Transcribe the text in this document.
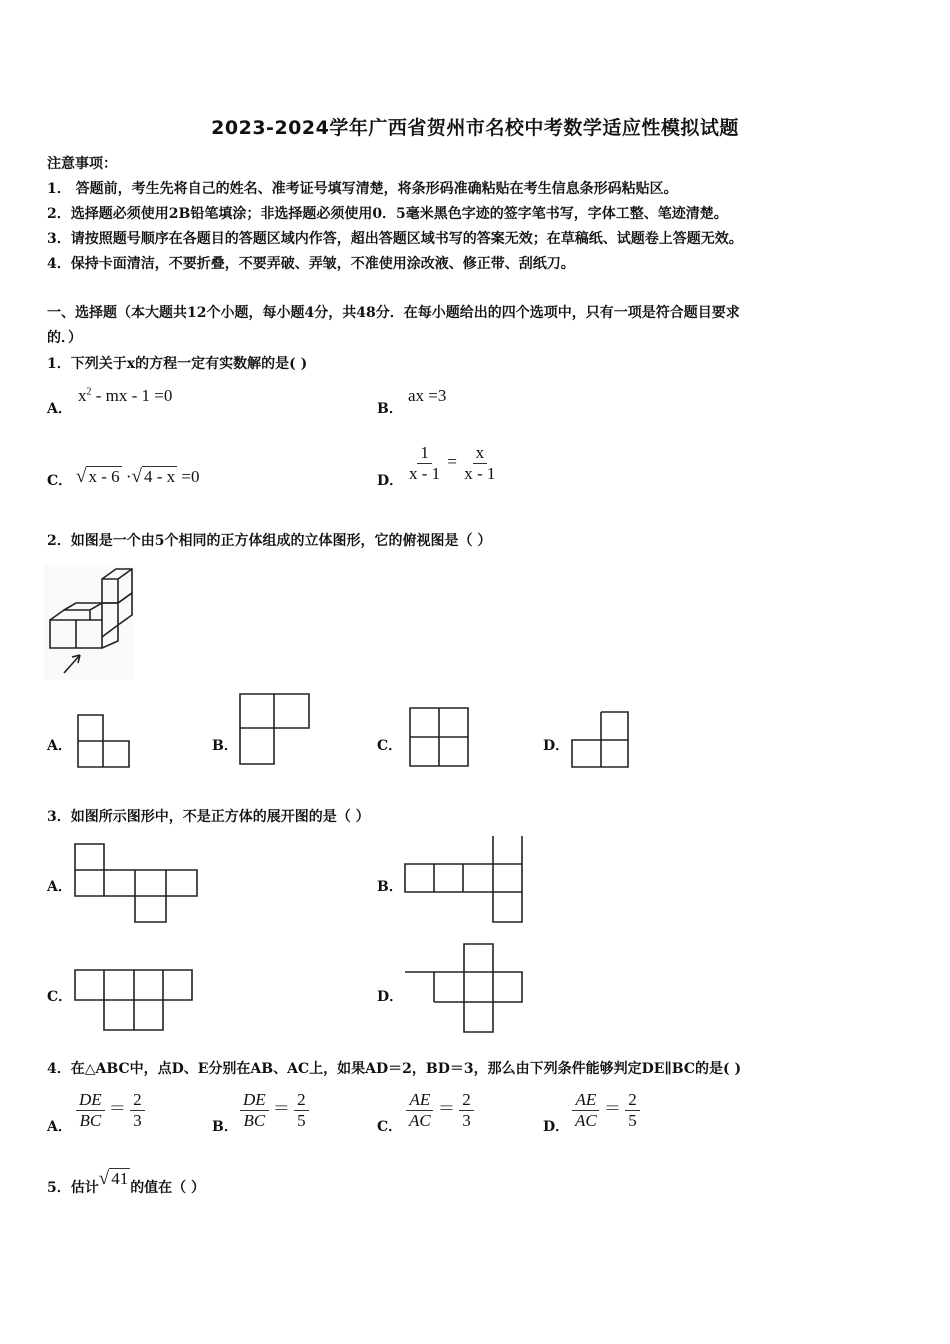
2023-2024学年广西省贺州市名校中考数学适应性模拟试题
注意事项：
1． 答题前，考生先将自己的姓名、准考证号填写清楚，将条形码准确粘贴在考生信息条形码粘贴区。
2．选择题必须使用2B铅笔填涂；非选择题必须使用0．5毫米黑色字迹的签字笔书写，字体工整、笔迹清楚。
3．请按照题号顺序在各题目的答题区域内作答，超出答题区域书写的答案无效；在草稿纸、试题卷上答题无效。
4．保持卡面清洁，不要折叠，不要弄破、弄皱，不准使用涂改液、修正带、刮纸刀。
一、选择题（本大题共12个小题，每小题4分，共48分．在每小题给出的四个选项中，只有一项是符合题目要求
的．）
1．下列关于x的方程一定有实数解的是( )
A．
$x^2$ - mx - 1 =0
B．
ax =3
C． √ x - 6 ·√ 4 - x =0	D． $\frac{1}{x - 1} = \frac{x}{x - 1}$
2．如图是一个由5个相同的正方体组成的立体图形，它的俯视图是（ ）
A．	B．	C．	D．
3．如图所示图形中，不是正方体的展开图的是（ ）
A．	B．
C．	D．
4．在△ABC中，点D、E分别在AB、AC上，如果AD＝2，BD＝3，那么由下列条件能够判定DE∥BC的是( )
A． $\frac{DE}{BC} = \frac{2}{3}$	B． $\frac{DE}{BC} = \frac{2}{5}$	C． $\frac{AE}{AC} = \frac{2}{3}$	D． $\frac{AE}{AC} = \frac{2}{5}$
5．估计√ 41 的值在（ ）
